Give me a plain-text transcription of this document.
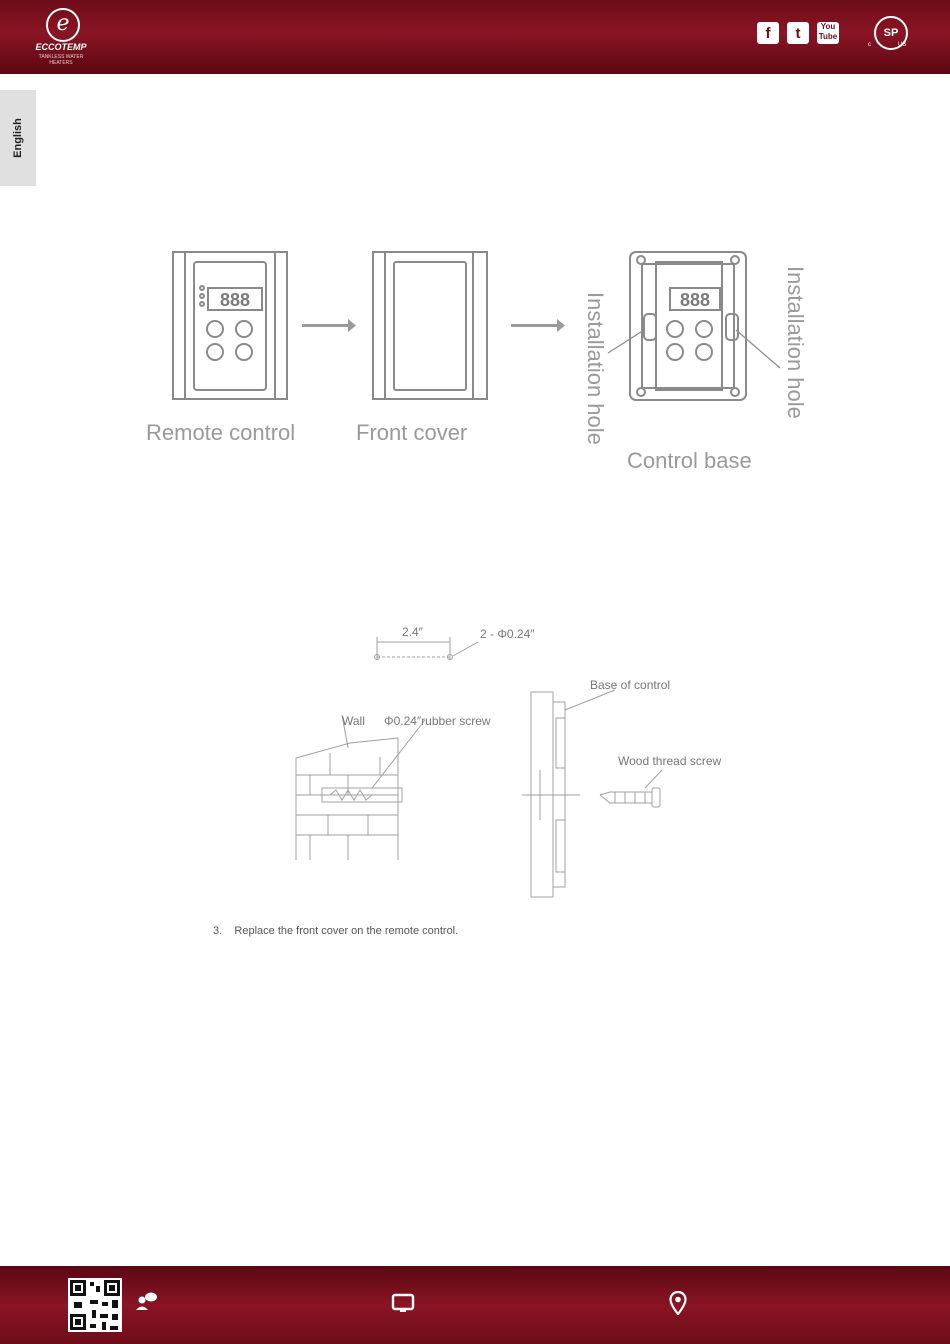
e
ECCOTEMP
TANKLESS WATER HEATERS
f	t	You Tube	SP
c	US
English
888	888
Remote control	Front cover
Control base
Installation hole	Installation hole
2.4″	2 - Φ0.24″
Wall Φ0.24″rubber screw
Base of control
Wood thread screw
3.    Replace the front cover on the remote control.
